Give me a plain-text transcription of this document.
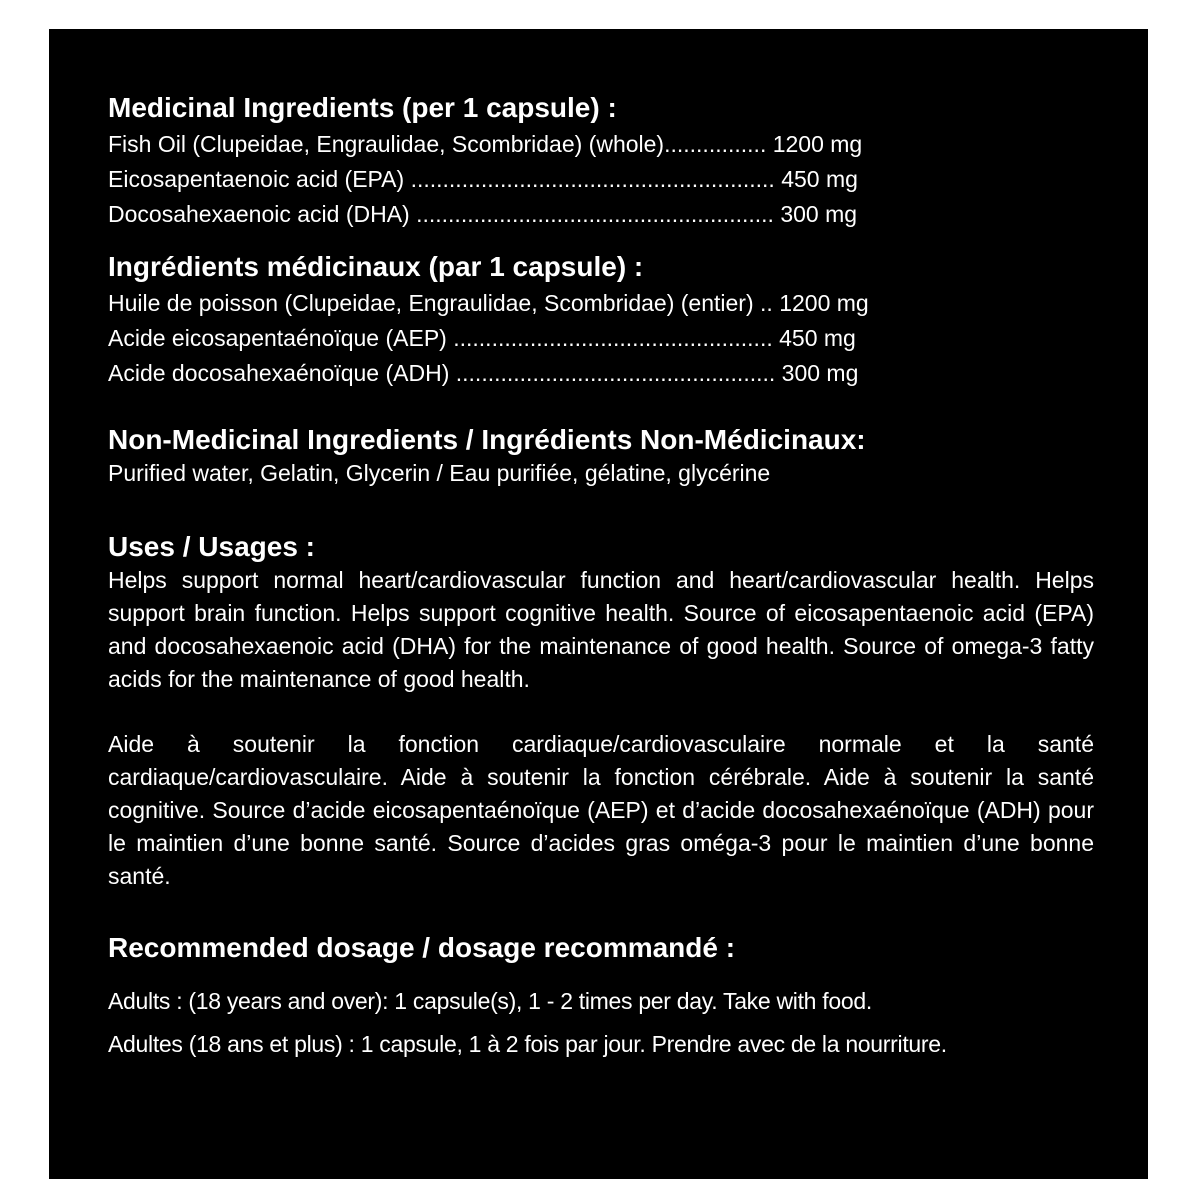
Medicinal Ingredients (per 1 capsule) :
Fish Oil (Clupeidae, Engraulidae, Scombridae) (whole)................ 1200 mg
Eicosapentaenoic acid (EPA) ......................................................... 450 mg
Docosahexaenoic acid (DHA) ........................................................ 300 mg
Ingrédients médicinaux (par 1 capsule) :
Huile de poisson (Clupeidae, Engraulidae, Scombridae) (entier) .. 1200 mg
Acide eicosapentaénoïque (AEP) .................................................. 450 mg
Acide docosahexaénoïque (ADH) .................................................. 300 mg
Non-Medicinal Ingredients / Ingrédients Non-Médicinaux:

Purified water, Gelatin, Glycerin / Eau purifiée, gélatine, glycérine

Uses / Usages :

Helps support normal heart/cardiovascular function and heart/cardiovascular health. Helps support brain function. Helps support cognitive health. Source of eicosapentaenoic acid (EPA) and docosahexaenoic acid (DHA) for the maintenance of good health. Source of omega-3 fatty acids for the maintenance of good health.

Aide à soutenir la fonction cardiaque/cardiovasculaire normale et la santé cardiaque/cardiovasculaire. Aide à soutenir la fonction cérébrale. Aide à soutenir la santé cognitive. Source d’acide eicosapentaénoïque (AEP) et d’acide docosahexaénoïque (ADH) pour le maintien d’une bonne santé. Source d’acides gras oméga-3 pour le maintien d’une bonne santé.

Recommended dosage / dosage recommandé :

Adults : (18 years and over): 1 capsule(s), 1 - 2 times per day. Take with food.

Adultes (18 ans et plus) : 1 capsule, 1 à 2 fois par jour. Prendre avec de la nourriture.
